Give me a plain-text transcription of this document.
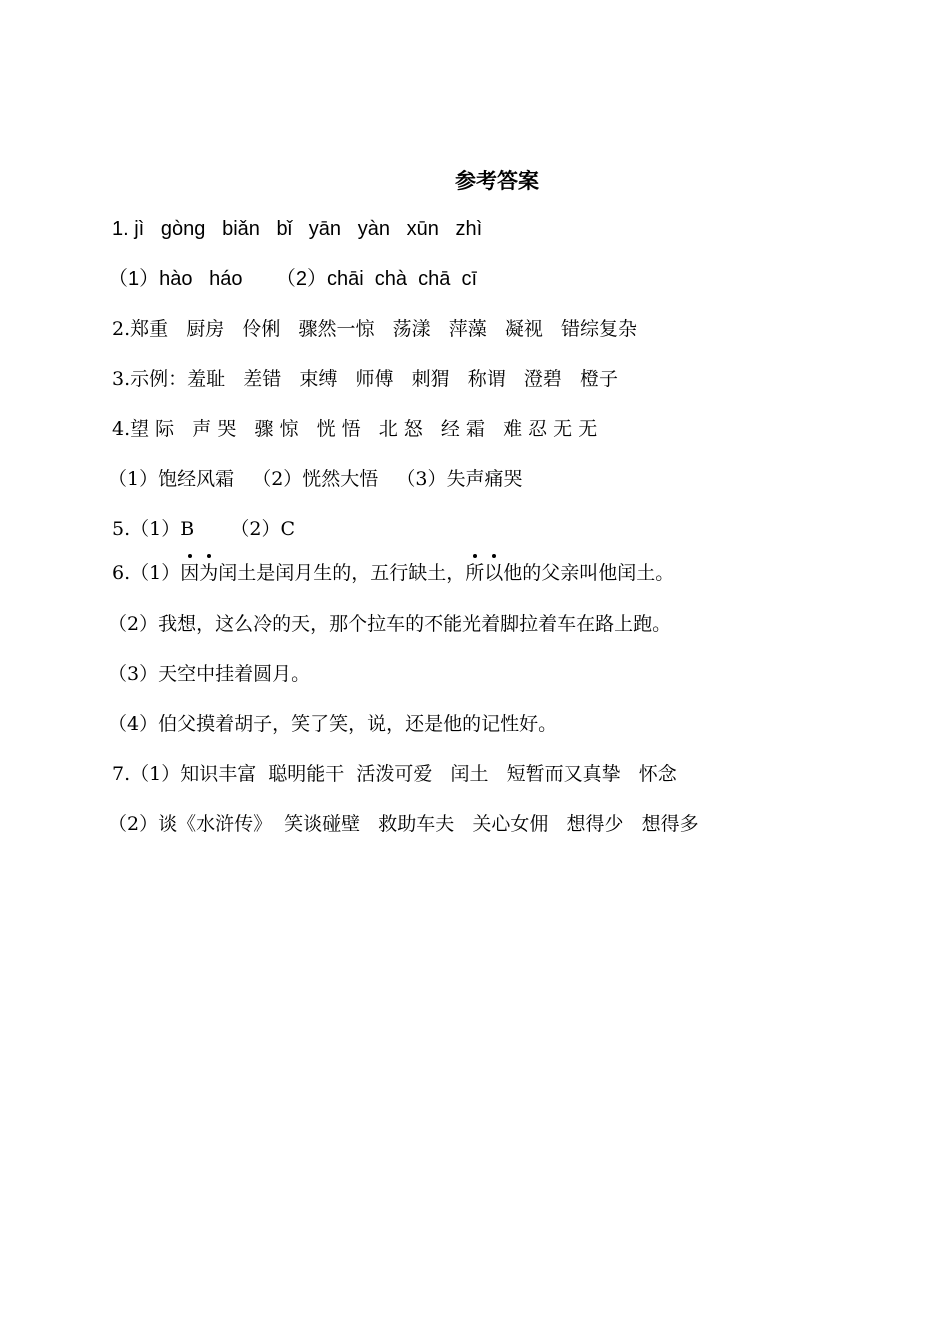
参考答案
1. jì   gòng   biǎn   bǐ   yān   yàn   xūn   zhì
（1）hào   háo      （2）chāi  chà  chā  cī
2.郑重   厨房   伶俐   骤然一惊   荡漾   萍藻   凝视   错综复杂
3.示例：羞耻   差错   束缚   师傅   刺猬   称谓   澄碧   橙子
4.望 际   声 哭   骤 惊   恍 悟   北 怒   经 霜   难 忍 无 无
（1）饱经风霜   （2）恍然大悟   （3）失声痛哭
5.（1）B      （2）C
6.（1）因为闰土是闰月生的，五行缺土，所以他的父亲叫他闰土。
（2）我想，这么冷的天，那个拉车的不能光着脚拉着车在路上跑。
（3）天空中挂着圆月。
（4）伯父摸着胡子，笑了笑，说，还是他的记性好。
7.（1）知识丰富  聪明能干  活泼可爱   闰土   短暂而又真挚   怀念
（2）谈《水浒传》  笑谈碰壁   救助车夫   关心女佣   想得少   想得多
